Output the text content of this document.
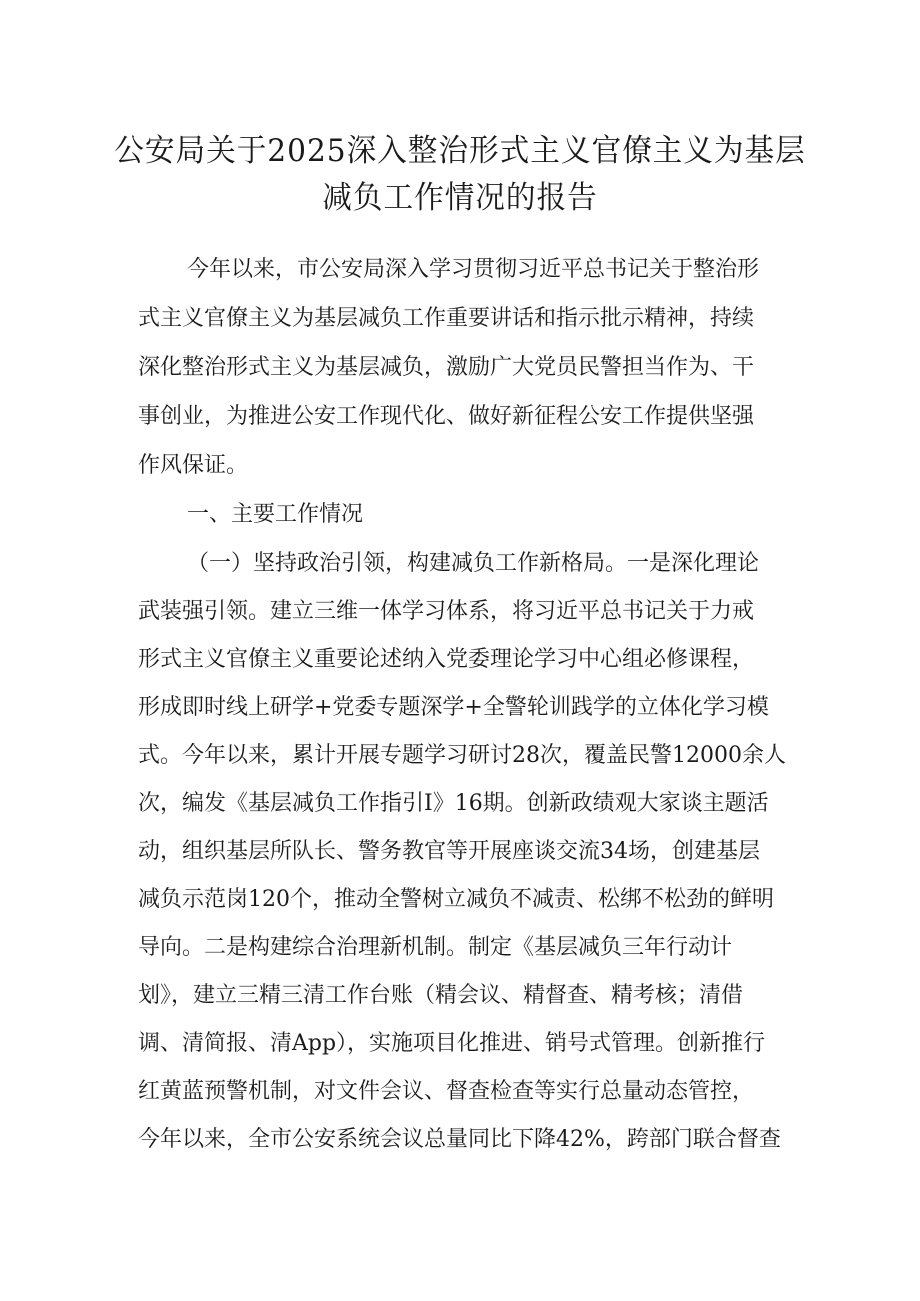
公安局关于2025深入整治形式主义官僚主义为基层
减负工作情况的报告
今年以来，市公安局深入学习贯彻习近平总书记关于整治形
式主义官僚主义为基层减负工作重要讲话和指示批示精神，持续
深化整治形式主义为基层减负，激励广大党员民警担当作为、干
事创业，为推进公安工作现代化、做好新征程公安工作提供坚强
作风保证。
一、主要工作情况
（一）坚持政治引领，构建减负工作新格局。一是深化理论
武装强引领。建立三维一体学习体系，将习近平总书记关于力戒
形式主义官僚主义重要论述纳入党委理论学习中心组必修课程，
形成即时线上研学+党委专题深学+全警轮训践学的立体化学习模
式。今年以来，累计开展专题学习研讨28次，覆盖民警12000余人
次，编发《基层减负工作指引I》16期。创新政绩观大家谈主题活
动，组织基层所队长、警务教官等开展座谈交流34场，创建基层
减负示范岗120个，推动全警树立减负不减责、松绑不松劲的鲜明
导向。二是构建综合治理新机制。制定《基层减负三年行动计
划》，建立三精三清工作台账（精会议、精督查、精考核；清借
调、清简报、清App），实施项目化推进、销号式管理。创新推行
红黄蓝预警机制，对文件会议、督查检查等实行总量动态管控，
今年以来，全市公安系统会议总量同比下降42%，跨部门联合督查
